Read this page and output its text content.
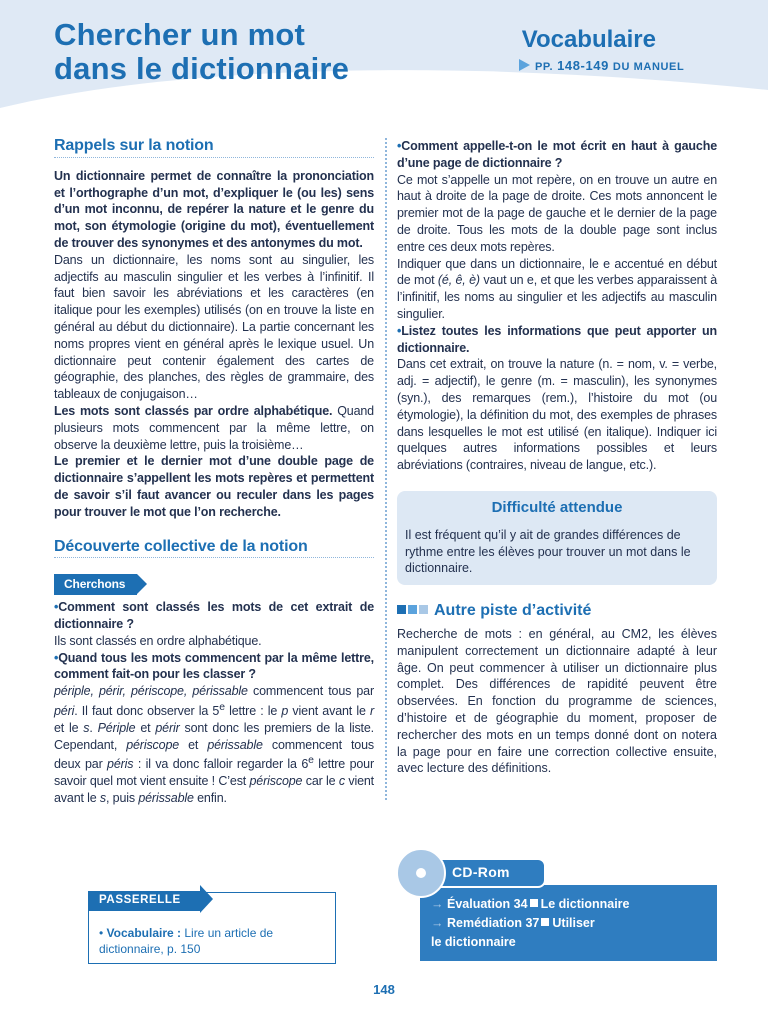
Chercher un mot
dans le dictionnaire
Vocabulaire
PP. 148-149 DU MANUEL
Rappels sur la notion

Un dictionnaire permet de connaître la prononciation et l’orthographe d’un mot, d’expliquer le (ou les) sens d’un mot inconnu, de repérer la nature et le genre du mot, son étymologie (origine du mot), éventuellement de trouver des synonymes et des antonymes du mot.

Dans un dictionnaire, les noms sont au singulier, les adjectifs au masculin singulier et les verbes à l’infinitif. Il faut bien savoir les abréviations et les caractères (en italique pour les exemples) utilisés (on en trouve la liste en général au début du dictionnaire). La partie concernant les noms propres vient en général après le lexique usuel. Un dictionnaire peut contenir également des cartes de géographie, des planches, des règles de grammaire, des tableaux de conjugaison…

Les mots sont classés par ordre alphabétique. Quand plusieurs mots commencent par la même lettre, on observe la deuxième lettre, puis la troisième…

Le premier et le dernier mot d’une double page de dictionnaire s’appellent les mots repères et permettent de savoir s’il faut avancer ou reculer dans les pages pour trouver le mot que l’on recherche.

Découverte collective de la notion
Cherchons

•Comment sont classés les mots de cet extrait de dictionnaire ?

Ils sont classés en ordre alphabétique.

•Quand tous les mots commencent par la même lettre, comment fait-on pour les classer ?

périple, périr, périscope, périssable commencent tous par péri. Il faut donc observer la 5e lettre : le p vient avant le r et le s. Périple et périr sont donc les premiers de la liste. Cependant, périscope et périssable commencent tous deux par péris : il va donc falloir regarder la 6e lettre pour savoir quel mot vient ensuite ! C’est périscope car le c vient avant le s, puis périssable enfin.

•Comment appelle-t-on le mot écrit en haut à gauche d’une page de dictionnaire ?

Ce mot s’appelle un mot repère, on en trouve un autre en haut à droite de la page de droite. Ces mots annoncent le premier mot de la page de gauche et le dernier de la page de droite. Tous les mots de la double page sont inclus entre ces deux mots repères.

Indiquer que dans un dictionnaire, le e accentué en début de mot (é, ê, è) vaut un e, et que les verbes apparaissent à l’infinitif, les noms au singulier et les adjectifs au masculin singulier.

•Listez toutes les informations que peut apporter un dictionnaire.

Dans cet extrait, on trouve la nature (n. = nom, v. = verbe, adj. = adjectif), le genre (m. = masculin), les synonymes (syn.), des remarques (rem.), l’histoire du mot (ou étymologie), la définition du mot, des exemples de phrases dans lesquelles le mot est utilisé (en italique). Indiquer ici quelques autres informations possibles et leurs abréviations (contraires, niveau de langue, etc.).

Difficulté attendue
Il est fréquent qu’il y ait de grandes différences de rythme entre les élèves pour trouver un mot dans le dictionnaire.
Autre piste d’activité
Recherche de mots : en général, au CM2, les élèves manipulent correctement un dictionnaire adapté à leur âge. On peut commencer à utiliser un dictionnaire plus complet. Des différences de rapidité peuvent être observées. En fonction du programme de sciences, d’histoire et de géographie du moment, proposer de rechercher des mots en un temps donné dont on notera la page pour en faire une correction collective ensuite, avec lecture des définitions.
PASSERELLE
• Vocabulaire : Lire un article de dictionnaire, p. 150
CD-Rom
→ Évaluation 34 Le dictionnaire
→ Remédiation 37 Utiliser
le dictionnaire
148
